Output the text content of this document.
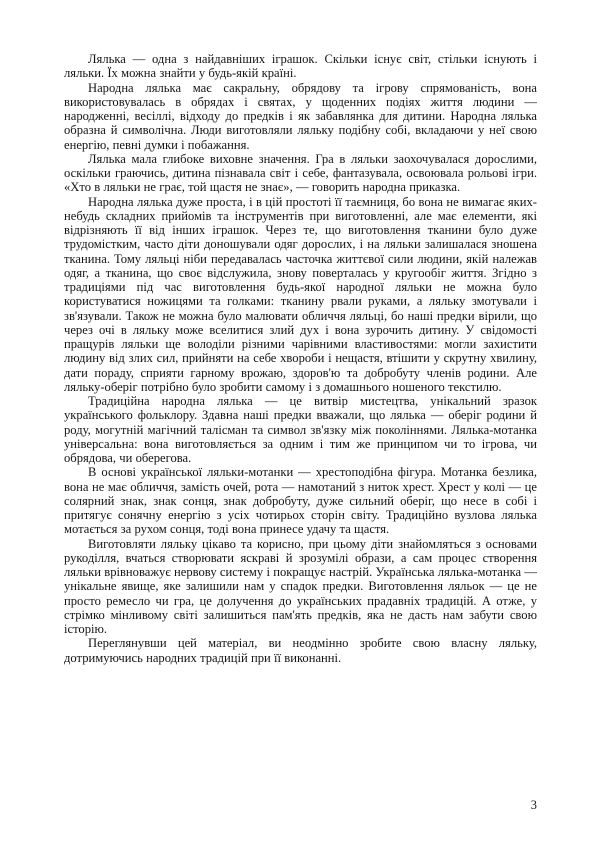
Лялька — одна з найдавніших іграшок. Скільки існує світ, стільки існують і ляльки. Їх можна знайти у будь-якій країні.

Народна лялька має сакральну, обрядову та ігрову спрямованість, вона використовувалась в обрядах і святах, у щоденних подіях життя людини — народженні, весіллі, відходу до предків і як забавлянка для дитини. Народна лялька образна й символічна. Люди виготовляли ляльку подібну собі, вкладаючи у неї свою енергію, певні думки і побажання.

Лялька мала глибоке виховне значення. Гра в ляльки заохочувалася дорослими, оскільки граючись, дитина пізнавала світ і себе, фантазувала, освоювала рольові ігри. «Хто в ляльки не грає, той щастя не знає», — говорить народна приказка.

Народна лялька дуже проста, і в цій простоті її таємниця, бо вона не вимагає яких-небудь складних прийомів та інструментів при виготовленні, але має елементи, які відрізняють її від інших іграшок. Через те, що виготовлення тканини було дуже трудомістким, часто діти доношували одяг дорослих, і на ляльки залишалася зношена тканина. Тому ляльці ніби передавалась часточка життєвої сили людини, якій належав одяг, а тканина, що своє відслужила, знову поверталась у кругообіг життя. Згідно з традиціями під час виготовлення будь-якої народної ляльки не можна було користуватися ножицями та голками: тканину рвали руками, а ляльку змотували і зв'язували. Також не можна було малювати обличчя ляльці, бо наші предки вірили, що через очі в ляльку може вселитися злий дух і вона зурочить дитину. У свідомості пращурів ляльки ще володіли різними чарівними властивостями: могли захистити людину від злих сил, прийняти на себе хвороби і нещастя, втішити у скрутну хвилину, дати пораду, сприяти гарному врожаю, здоров'ю та добробуту членів родини. Але ляльку-оберіг потрібно було зробити самому і з домашнього ношеного текстилю.

Традиційна народна лялька — це витвір мистецтва, унікальний зразок українського фольклору. Здавна наші предки вважали, що лялька — оберіг родини й роду, могутній магічний талісман та символ зв'язку між поколіннями. Лялька-мотанка універсальна: вона виготовляється за одним і тим же принципом чи то ігрова, чи обрядова, чи оберегова.

В основі української ляльки-мотанки — хрестоподібна фігура. Мотанка безлика, вона не має обличчя, замість очей, рота — намотаний з ниток хрест. Хрест у колі — це солярний знак, знак сонця, знак добробуту, дуже сильний оберіг, що несе в собі і притягує сонячну енергію з усіх чотирьох сторін світу. Традиційно вузлова лялька мотається за рухом сонця, тоді вона принесе удачу та щастя.

Виготовляти ляльку цікаво та корисно, при цьому діти знайомляться з основами рукоділля, вчаться створювати яскраві й зрозумілі образи, а сам процес створення ляльки врівноважує нервову систему і покращує настрій. Українська лялька-мотанка — унікальне явище, яке залишили нам у спадок предки. Виготовлення ляльок — це не просто ремесло чи гра, це долучення до українських прадавніх традицій. А отже, у стрімко мінливому світі залишиться пам'ять предків, яка не дасть нам забути свою історію.

Переглянувши цей матеріал, ви неодмінно зробите свою власну ляльку, дотримуючись народних традицій при її виконанні.

3
